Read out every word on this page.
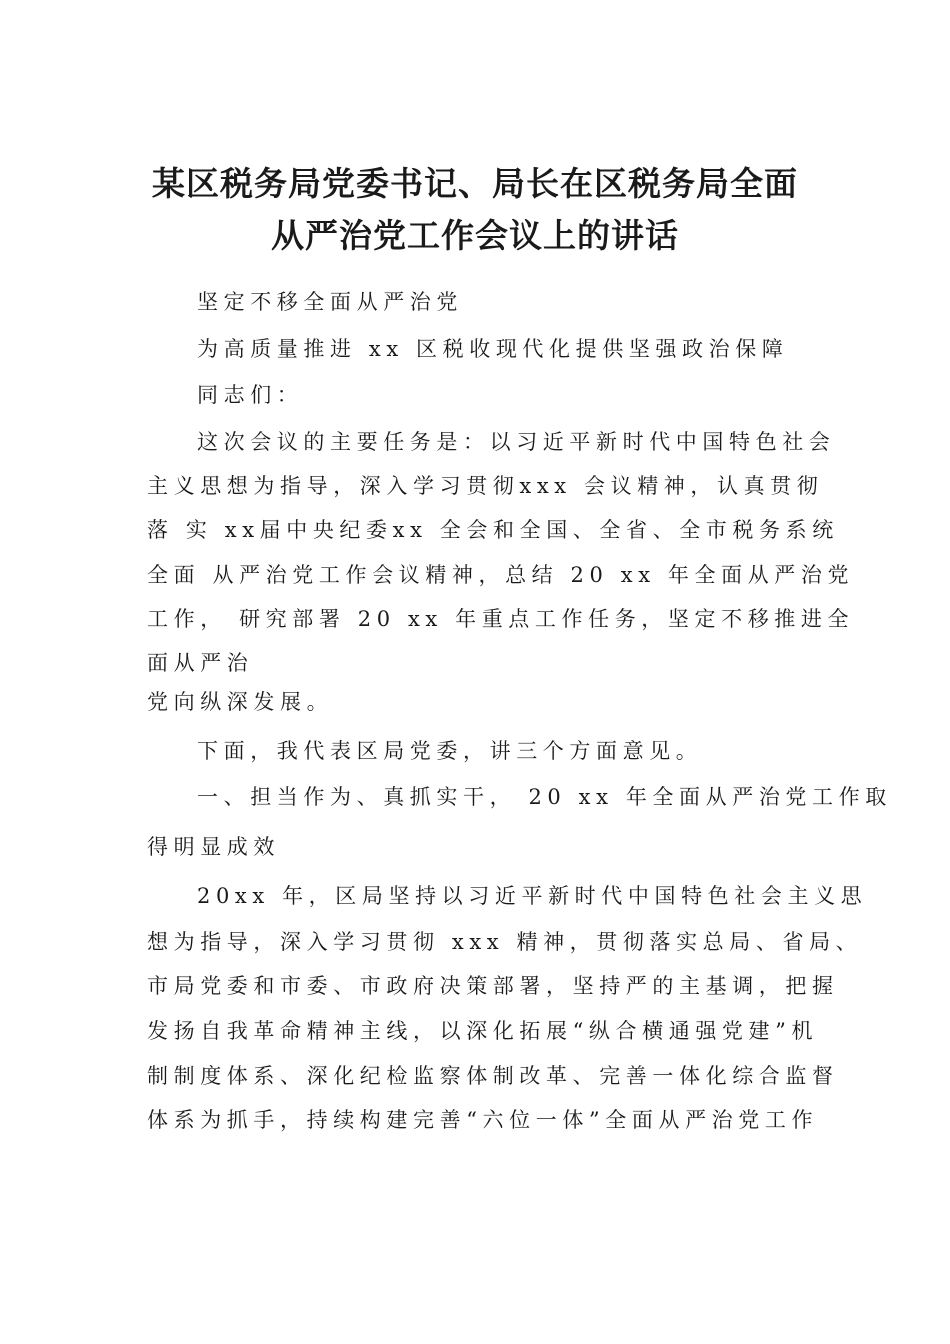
某区税务局党委书记、局长在区税务局全面
从严治党工作会议上的讲话

坚定不移全面从严治党

为高质量推进 xx 区税收现代化提供坚强政治保障

同志们：

这次会议的主要任务是：以习近平新时代中国特色社会

主义思想为指导，深入学习贯彻xxx 会议精神，认真贯彻

落 实 xx届中央纪委xx 全会和全国、全省、全市税务系统

全面 从严治党工作会议精神，总结 20 xx 年全面从严治党

工作， 研究部署 20 xx 年重点工作任务，坚定不移推进全

面从严治

党向纵深发展。

下面，我代表区局党委，讲三个方面意见。

一、担当作为、真抓实干， 20 xx 年全面从严治党工作取

得明显成效

20xx 年，区局坚持以习近平新时代中国特色社会主义思

想为指导，深入学习贯彻 xxx 精神，贯彻落实总局、省局、

市局党委和市委、市政府决策部署，坚持严的主基调，把握

发扬自我革命精神主线，以深化拓展“纵合横通强党建”机

制制度体系、深化纪检监察体制改革、完善一体化综合监督

体系为抓手，持续构建完善“六位一体”全面从严治党工作
